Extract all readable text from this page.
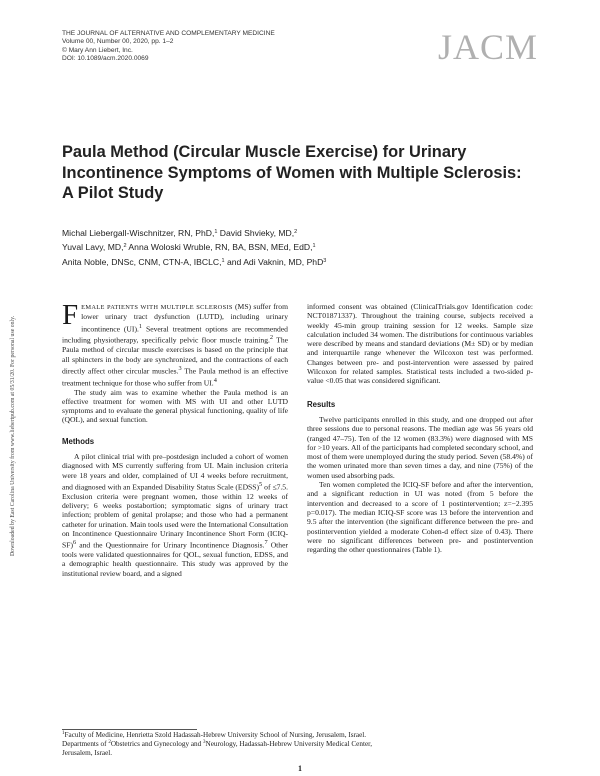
THE JOURNAL OF ALTERNATIVE AND COMPLEMENTARY MEDICINE
Volume 00, Number 00, 2020, pp. 1–2
© Mary Ann Liebert, Inc.
DOI: 10.1089/acm.2020.0069	JACM
Paula Method (Circular Muscle Exercise) for Urinary
Incontinence Symptoms of Women with Multiple Sclerosis:
A Pilot Study
Michal Liebergall-Wischnitzer, RN, PhD,$^1$ David Shvieky, MD,$^2$
Yuval Lavy, MD,$^2$ Anna Woloski Wruble, RN, BA, BSN, MEd, EdD,$^1$
Anita Noble, DNSc, CNM, CTN-A, IBCLC,$^1$ and Adi Vaknin, MD, PhD$^3$
Downloaded by East Carolina University from www.liebertpub.com at 05/31/20. For personal use only.

FEMALE PATIENTS WITH MULTIPLE SCLEROSIS (MS) suffer from lower urinary tract dysfunction (LUTD), including urinary incontinence (UI).$^1$ Several treatment options are recommended including physiotherapy, specifically pelvic floor muscle training.$^2$ The Paula method of circular muscle exercises is based on the principle that all sphincters in the body are synchronized, and the contractions of each directly affect other circular muscles.$^3$ The Paula method is an effective treatment technique for those who suffer from UI.$^4$

The study aim was to examine whether the Paula method is an effective treatment for women with MS with UI and other LUTD symptoms and to evaluate the general physical functioning, quality of life (QOL), and sexual function.

Methods

A pilot clinical trial with pre–postdesign included a cohort of women diagnosed with MS currently suffering from UI. Main inclusion criteria were 18 years and older, complained of UI 4 weeks before recruitment, and diagnosed with an Expanded Disability Status Scale (EDSS)$^5$ of ≤7.5. Exclusion criteria were pregnant women, those within 12 weeks of delivery; 6 weeks postabortion; symptomatic signs of urinary tract infection; problem of genital prolapse; and those who had a permanent catheter for urination. Main tools used were the International Consultation on Incontinence Questionnaire Urinary Incontinence Short Form (ICIQ-SF)$^6$ and the Questionnaire for Urinary Incontinence Diagnosis.$^7$ Other tools were validated questionnaires for QOL, sexual function, EDSS, and a demographic health questionnaire. This study was approved by the institutional review board, and a signed

informed consent was obtained (ClinicalTrials.gov Identification code: NCT01871337). Throughout the training course, subjects received a weekly 45-min group training session for 12 weeks. Sample size calculation included 34 women. The distributions for continuous variables were described by means and standard deviations (M± SD) or by median and interquartile range whenever the Wilcoxon test was performed. Changes between pre- and post-intervention were assessed by paired Wilcoxon for related samples. Statistical tests included a two-sided p-value <0.05 that was considered significant.

Results

Twelve participants enrolled in this study, and one dropped out after three sessions due to personal reasons. The median age was 56 years old (ranged 47–75). Ten of the 12 women (83.3%) were diagnosed with MS for >10 years. All of the participants had completed secondary school, and most of them were unemployed during the study period. Seven (58.4%) of the women urinated more than seven times a day, and nine (75%) of the women used absorbing pads.

Ten women completed the ICIQ-SF before and after the intervention, and a significant reduction in UI was noted (from 5 before the intervention and decreased to a score of 1 postintervention; z=−2.395 p=0.017). The median ICIQ-SF score was 13 before the intervention and 9.5 after the intervention (the significant difference between the pre- and postintervention yielded a moderate Cohen-d effect size of 0.43). There were no significant differences between pre- and postintervention regarding the other questionnaires (Table 1).

$^1$Faculty of Medicine, Henrietta Szold Hadassah-Hebrew University School of Nursing, Jerusalem, Israel.
Departments of $^2$Obstetrics and Gynecology and $^3$Neurology, Hadassah-Hebrew University Medical Center,
Jerusalem, Israel.
1
